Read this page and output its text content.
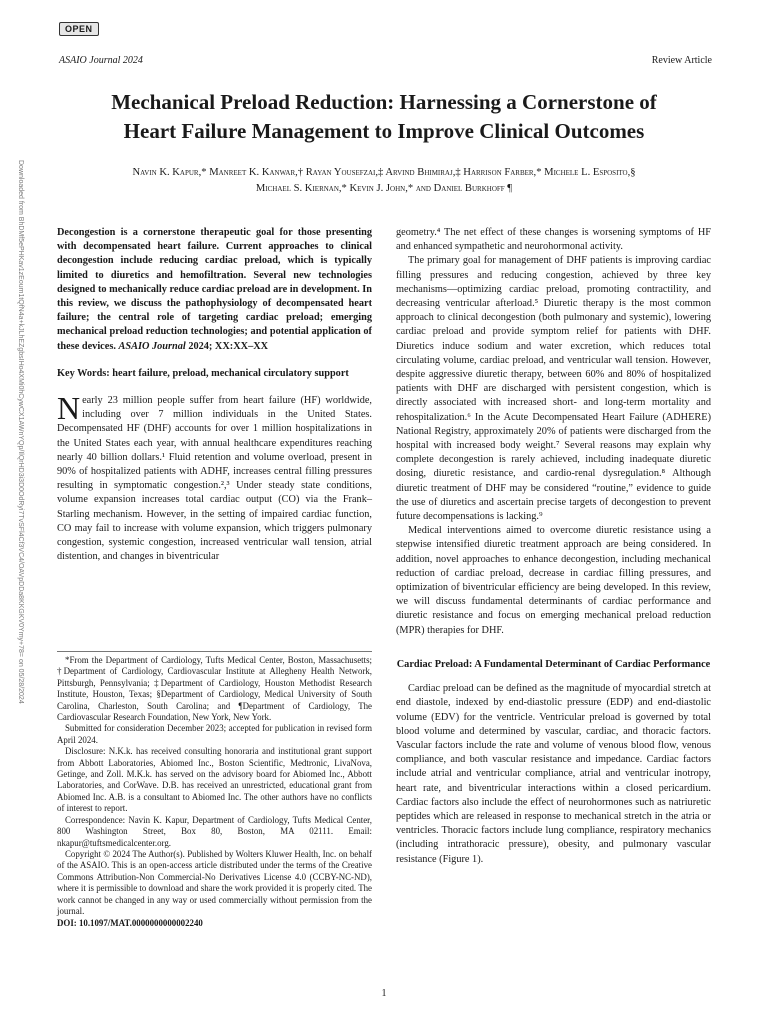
OPEN
ASAIO Journal 2024	Review Article
Mechanical Preload Reduction: Harnessing a Cornerstone of
Heart Failure Management to Improve Clinical Outcomes
Navin K. Kapur,* Manreet K. Kanwar,† Rayan Yousefzai,‡ Arvind Bhimiraj,‡ Harrison Farber,* Michele L. Esposito,§
Michael S. Kiernan,* Kevin J. John,* and Daniel Burkhoff ¶
Downloaded from BhDMf5ePHKav1zEoum1tQfN4a+kJLhEZgbsIHo4XMi0hCywCX1AWnYQp/IlQrHD3i3D0OdRyi7TvSFl4Cf3VC4/OAVpDDa8KKGKV0Ymy+78= on 05/28/2024	Decongestion is a cornerstone therapeutic goal for those presenting with decompensated heart failure. Current approaches to clinical decongestion include reducing cardiac preload, which is typically limited to diuretics and hemofiltration. Several new technologies designed to mechanically reduce cardiac preload are in development. In this review, we discuss the pathophysiology of decompensated heart failure; the central role of targeting cardiac preload; emerging mechanical preload reduction technologies; and potential application of these devices. ASAIO Journal 2024; XX:XX–XX

Key Words: heart failure, preload, mechanical circulatory support

Nearly 23 million people suffer from heart failure (HF) worldwide, including over 7 million individuals in the United States. Decompensated HF (DHF) accounts for over 1 million hospitalizations in the United States each year, with annual healthcare expenditures reaching nearly 40 billion dollars.¹ Fluid retention and volume overload, present in 90% of hospitalized patients with ADHF, increases central filling pressures resulting in symptomatic congestion.²,³ Under steady state conditions, volume expansion increases total cardiac output (CO) via the Frank–Starling mechanism. However, in the setting of impaired cardiac function, CO may fail to increase with volume expansion, which triggers pulmonary congestion, systemic congestion, increased ventricular wall tension, atrial distention, and changes in biventricular

*From the Department of Cardiology, Tufts Medical Center, Boston, Massachusetts; †Department of Cardiology, Cardiovascular Institute at Allegheny Health Network, Pittsburgh, Pennsylvania; ‡Department of Cardiology, Houston Methodist Research Institute, Houston, Texas; §Department of Cardiology, Medical University of South Carolina, Charleston, South Carolina; and ¶Department of Cardiology, The Cardiovascular Research Foundation, New York, New York.

Submitted for consideration December 2023; accepted for publication in revised form April 2024.

Disclosure: N.K.k. has received consulting honoraria and institutional grant support from Abbott Laboratories, Abiomed Inc., Boston Scientific, Medtronic, LivaNova, Getinge, and Zoll. M.K.k. has served on the advisory board for Abiomed Inc., Abbott Laboratories, and CorWave. D.B. has received an unrestricted, educational grant from Abiomed Inc. A.B. is a consultant to Abiomed Inc. The other authors have no conflicts of interest to report.

Correspondence: Navin K. Kapur, Department of Cardiology, Tufts Medical Center, 800 Washington Street, Box 80, Boston, MA 02111. Email: nkapur@tuftsmedicalcenter.org.

Copyright © 2024 The Author(s). Published by Wolters Kluwer Health, Inc. on behalf of the ASAIO. This is an open-access article distributed under the terms of the Creative Commons Attribution-Non Commercial-No Derivatives License 4.0 (CCBY-NC-ND), where it is permissible to download and share the work provided it is properly cited. The work cannot be changed in any way or used commercially without permission from the journal.

DOI: 10.1097/MAT.0000000000002240

geometry.⁴ The net effect of these changes is worsening symptoms of HF and enhanced sympathetic and neurohormonal activity.

The primary goal for management of DHF patients is improving cardiac filling pressures and reducing congestion, achieved by three key mechanisms—optimizing cardiac preload, promoting contractility, and decreasing ventricular afterload.⁵ Diuretic therapy is the most common approach to clinical decongestion (both pulmonary and systemic), lowering cardiac preload and provide symptom relief for patients with DHF. Diuretics induce sodium and water excretion, which reduces total circulating volume, cardiac preload, and ventricular wall tension. However, despite aggressive diuretic therapy, between 60% and 80% of hospitalized patients with DHF are discharged with persistent congestion, which is directly associated with increased short- and long-term mortality and rehospitalization.⁶ In the Acute Decompensated Heart Failure (ADHERE) National Registry, approximately 20% of patients were discharged from the hospital with increased body weight.⁷ Several reasons may explain why complete decongestion is rarely achieved, including inadequate diuretic dosing, diuretic resistance, and cardio-renal dysregulation.⁸ Although diuretic treatment of DHF may be considered “routine,” evidence to guide the use of diuretics and ascertain precise targets of decongestion to prevent future decompensations is lacking.⁹

Medical interventions aimed to overcome diuretic resistance using a stepwise intensified diuretic treatment approach are being considered. In addition, novel approaches to enhance decongestion, including mechanical reduction of cardiac preload, decrease in cardiac filling pressures, and optimization of biventricular efficiency are being developed. In this review, we will discuss fundamental determinants of cardiac performance and diuretic resistance and focus on emerging mechanical preload reduction (MPR) therapies for DHF.

Cardiac Preload: A Fundamental Determinant of Cardiac Performance

Cardiac preload can be defined as the magnitude of myocardial stretch at end diastole, indexed by end-diastolic pressure (EDP) and end-diastolic volume (EDV) for the ventricle. Ventricular preload is governed by total blood volume and determined by vascular, cardiac, and thoracic factors. Vascular factors include the rate and volume of venous blood flow, venous compliance, and both vascular resistance and impedance. Cardiac factors include atrial and ventricular compliance, atrial and ventricular inotropy, heart rate, and biventricular interactions within a closed pericardium. Cardiac factors also include the effect of neurohormones such as natriuretic peptides which are released in response to mechanical stretch in the atria or ventricles. Thoracic factors include lung compliance, respiratory mechanics (including intrathoracic pressure), obesity, and pulmonary vascular resistance (Figure 1).

1
